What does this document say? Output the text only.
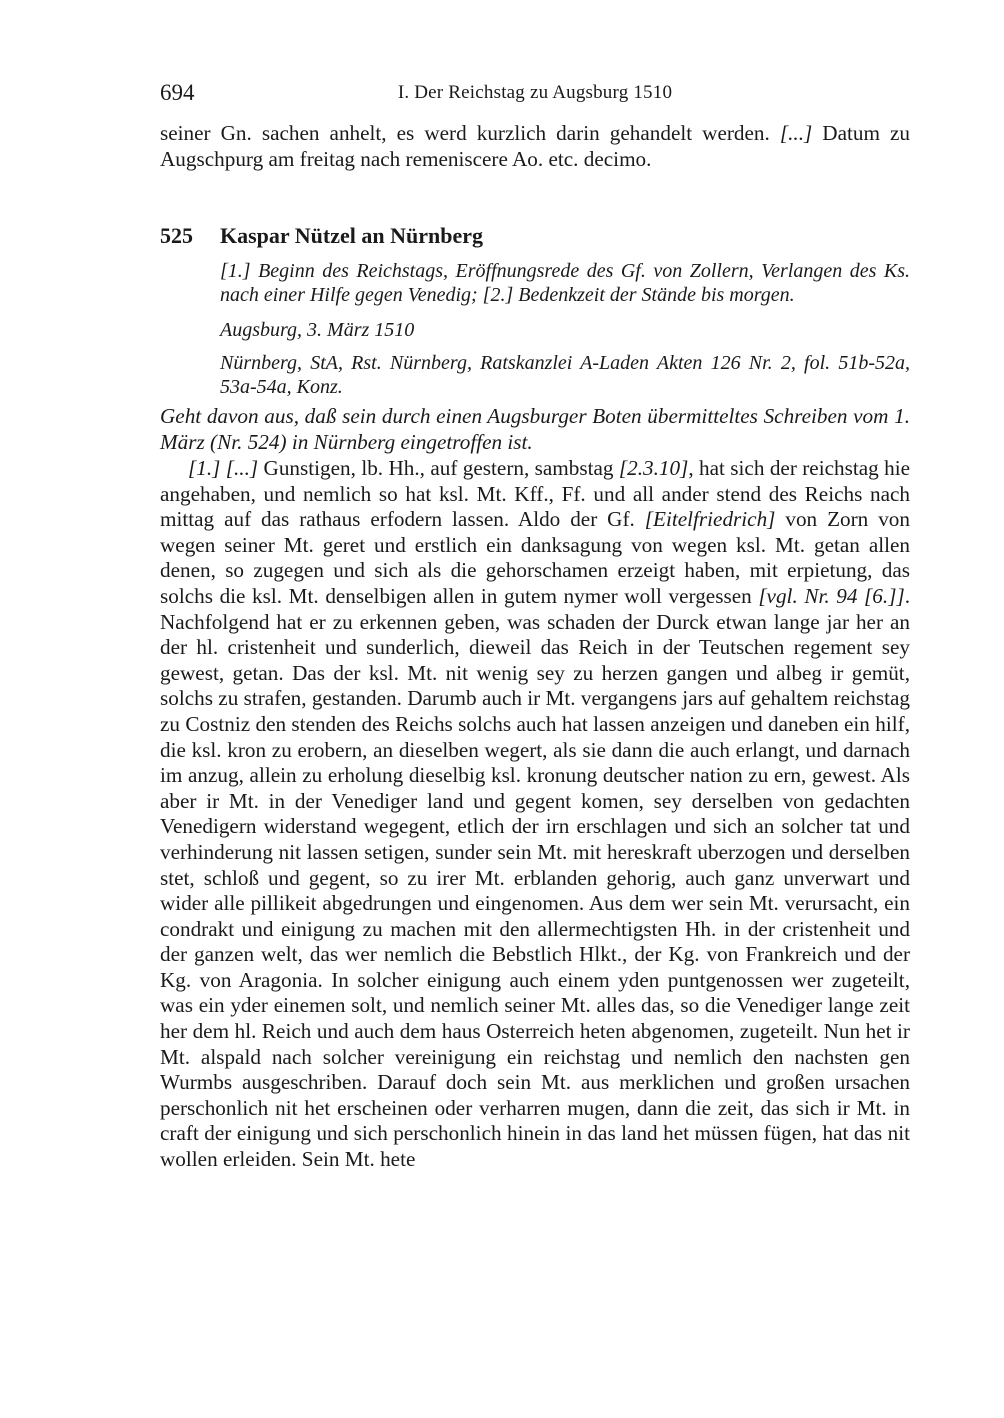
694	I. Der Reichstag zu Augsburg 1510

seiner Gn. sachen anhelt, es werd kurzlich darin gehandelt werden. [...] Datum zu Augschpurg am freitag nach remeniscere Ao. etc. decimo.

525 Kaspar Nützel an Nürnberg

[1.] Beginn des Reichstags, Eröffnungsrede des Gf. von Zollern, Verlangen des Ks. nach einer Hilfe gegen Venedig; [2.] Bedenkzeit der Stände bis morgen.

Augsburg, 3. März 1510

Nürnberg, StA, Rst. Nürnberg, Ratskanzlei A-Laden Akten 126 Nr. 2, fol. 51b-52a, 53a-54a, Konz.

Geht davon aus, daß sein durch einen Augsburger Boten übermitteltes Schreiben vom 1. März (Nr. 524) in Nürnberg eingetroffen ist.

[1.] [...] Gunstigen, lb. Hh., auf gestern, sambstag [2.3.10], hat sich der reichstag hie angehaben, und nemlich so hat ksl. Mt. Kff., Ff. und all ander stend des Reichs nach mittag auf das rathaus erfodern lassen. Aldo der Gf. [Eitelfriedrich] von Zorn von wegen seiner Mt. geret und erstlich ein danksagung von wegen ksl. Mt. getan allen denen, so zugegen und sich als die gehorschamen erzeigt haben, mit erpietung, das solchs die ksl. Mt. denselbigen allen in gutem nymer woll vergessen [vgl. Nr. 94 [6.]]. Nachfolgend hat er zu erkennen geben, was schaden der Durck etwan lange jar her an der hl. cristenheit und sunderlich, dieweil das Reich in der Teutschen regement sey gewest, getan. Das der ksl. Mt. nit wenig sey zu herzen gangen und albeg ir gemüt, solchs zu strafen, gestanden. Darumb auch ir Mt. vergangens jars auf gehaltem reichstag zu Costniz den stenden des Reichs solchs auch hat lassen anzeigen und daneben ein hilf, die ksl. kron zu erobern, an dieselben wegert, als sie dann die auch erlangt, und darnach im anzug, allein zu erholung dieselbig ksl. kronung deutscher nation zu ern, gewest. Als aber ir Mt. in der Venediger land und gegent komen, sey derselben von gedachten Venedigern widerstand wegegent, etlich der irn erschlagen und sich an solcher tat und verhinderung nit lassen setigen, sunder sein Mt. mit hereskraft uberzogen und derselben stet, schloß und gegent, so zu irer Mt. erblanden gehorig, auch ganz unverwart und wider alle pillikeit abgedrungen und eingenomen. Aus dem wer sein Mt. verursacht, ein condrakt und einigung zu machen mit den allermechtigsten Hh. in der cristenheit und der ganzen welt, das wer nemlich die Bebstlich Hlkt., der Kg. von Frankreich und der Kg. von Aragonia. In solcher einigung auch einem yden puntgenossen wer zugeteilt, was ein yder einemen solt, und nemlich seiner Mt. alles das, so die Venediger lange zeit her dem hl. Reich und auch dem haus Osterreich heten abgenomen, zugeteilt. Nun het ir Mt. alspald nach solcher vereinigung ein reichstag und nemlich den nachsten gen Wurmbs ausgeschriben. Darauf doch sein Mt. aus merklichen und großen ursachen perschonlich nit het erscheinen oder verharren mugen, dann die zeit, das sich ir Mt. in craft der einigung und sich perschonlich hinein in das land het müssen fügen, hat das nit wollen erleiden. Sein Mt. hete
